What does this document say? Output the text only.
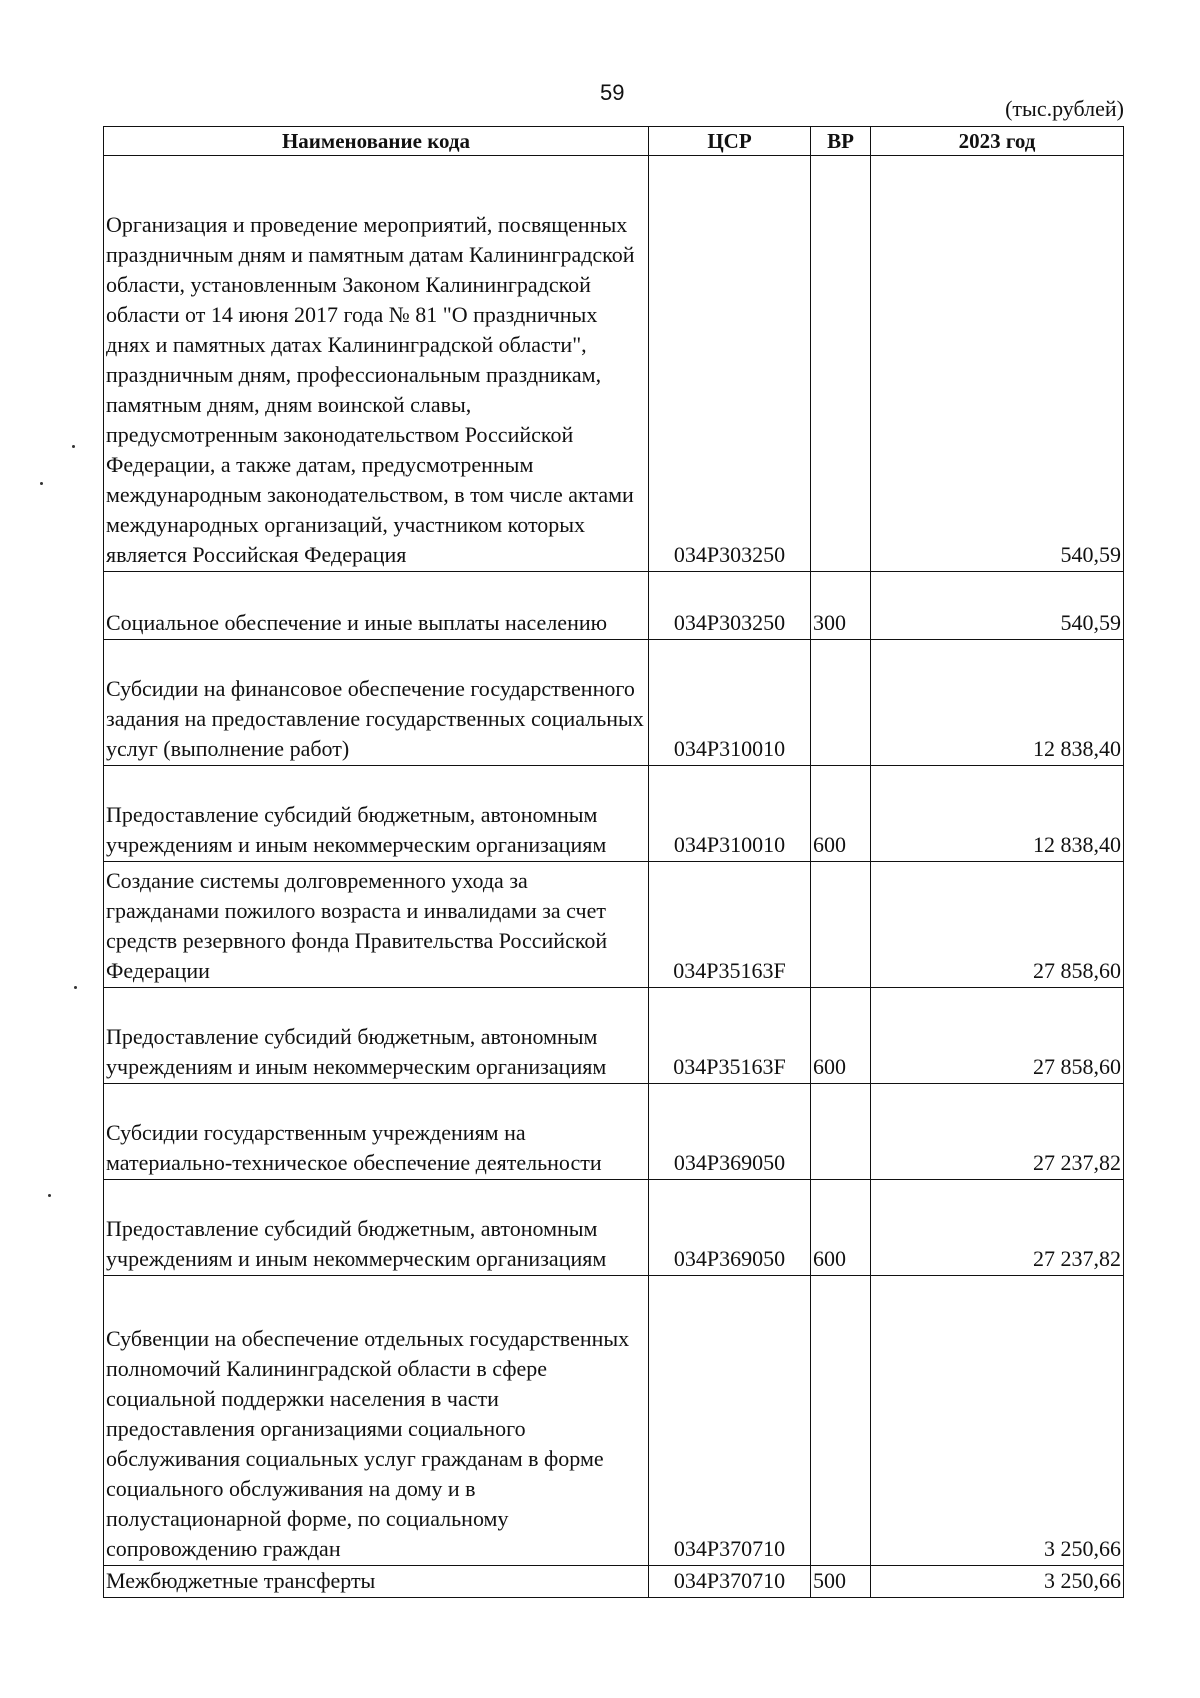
59
(тыс.рублей)
Наименование кода	ЦСР	ВР	2023 год

Организация и проведение мероприятий, посвященных праздничным дням и памятным датам Калининградской области, установленным Законом Калининградской области от 14 июня 2017 года № 81 "О праздничных днях и памятных датах Калининградской области", праздничным дням, профессиональным праздникам, памятным дням, дням воинской славы, предусмотренным законодательством Российской Федерации, а также датам, предусмотренным международным законодательством, в том числе актами международных организаций, участником которых является Российская Федерация	034P303250		540,59

Социальное обеспечение и иные выплаты населению	034P303250	300	540,59

Субсидии на финансовое обеспечение государственного задания на предоставление государственных социальных услуг (выполнение работ)	034P310010		12 838,40

Предоставление субсидий бюджетным, автономным учреждениям и иным некоммерческим организациям	034P310010	600	12 838,40

Создание системы долговременного ухода за гражданами пожилого возраста и инвалидами за счет средств резервного фонда Правительства Российской Федерации	034P35163F		27 858,60

Предоставление субсидий бюджетным, автономным учреждениям и иным некоммерческим организациям	034P35163F	600	27 858,60

Субсидии государственным учреждениям на материально-техническое обеспечение деятельности	034P369050		27 237,82

Предоставление субсидий бюджетным, автономным учреждениям и иным некоммерческим организациям	034P369050	600	27 237,82

Субвенции на обеспечение отдельных государственных полномочий Калининградской области в сфере социальной поддержки населения в части предоставления организациями социального обслуживания социальных услуг гражданам в форме социального обслуживания на дому и в полустационарной форме, по социальному сопровождению граждан	034P370710		3 250,66

Межбюджетные трансферты	034P370710	500	3 250,66
